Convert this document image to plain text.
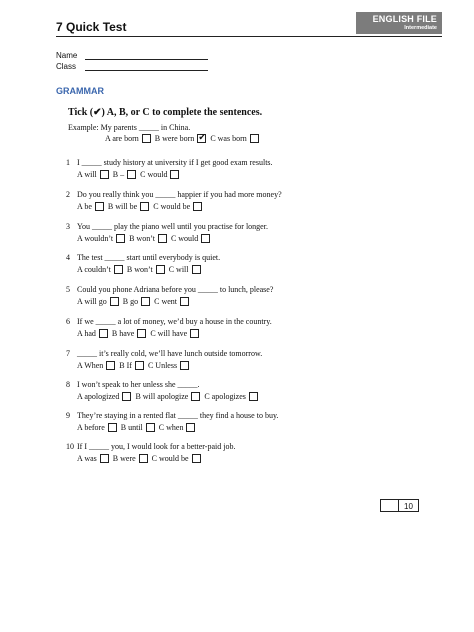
7 Quick Test
ENGLISH FILE
Intermediate
Name
Class
GRAMMAR
Tick (✔) A, B, or C to complete the sentences.
Example: My parents _____ in China.
A are born B were born ✔ C was born
1 I _____ study history at university if I get good exam results.
A will B – C would
2 Do you really think you _____ happier if you had more money?
A be B will be C would be
3 You _____ play the piano well until you practise for longer.
A wouldn’t B won’t C would
4 The test _____ start until everybody is quiet.
A couldn’t B won’t C will
5 Could you phone Adriana before you _____ to lunch, please?
A will go B go C went
6 If we _____ a lot of money, we’d buy a house in the country.
A had B have C will have
7 _____ it’s really cold, we’ll have lunch outside tomorrow.
A When B If C Unless
8 I won’t speak to her unless she _____.
A apologized B will apologize C apologizes
9 They’re staying in a rented flat _____ they find a house to buy.
A before B until C when
10 If I _____ you, I would look for a better-paid job.
A was B were C would be
10
